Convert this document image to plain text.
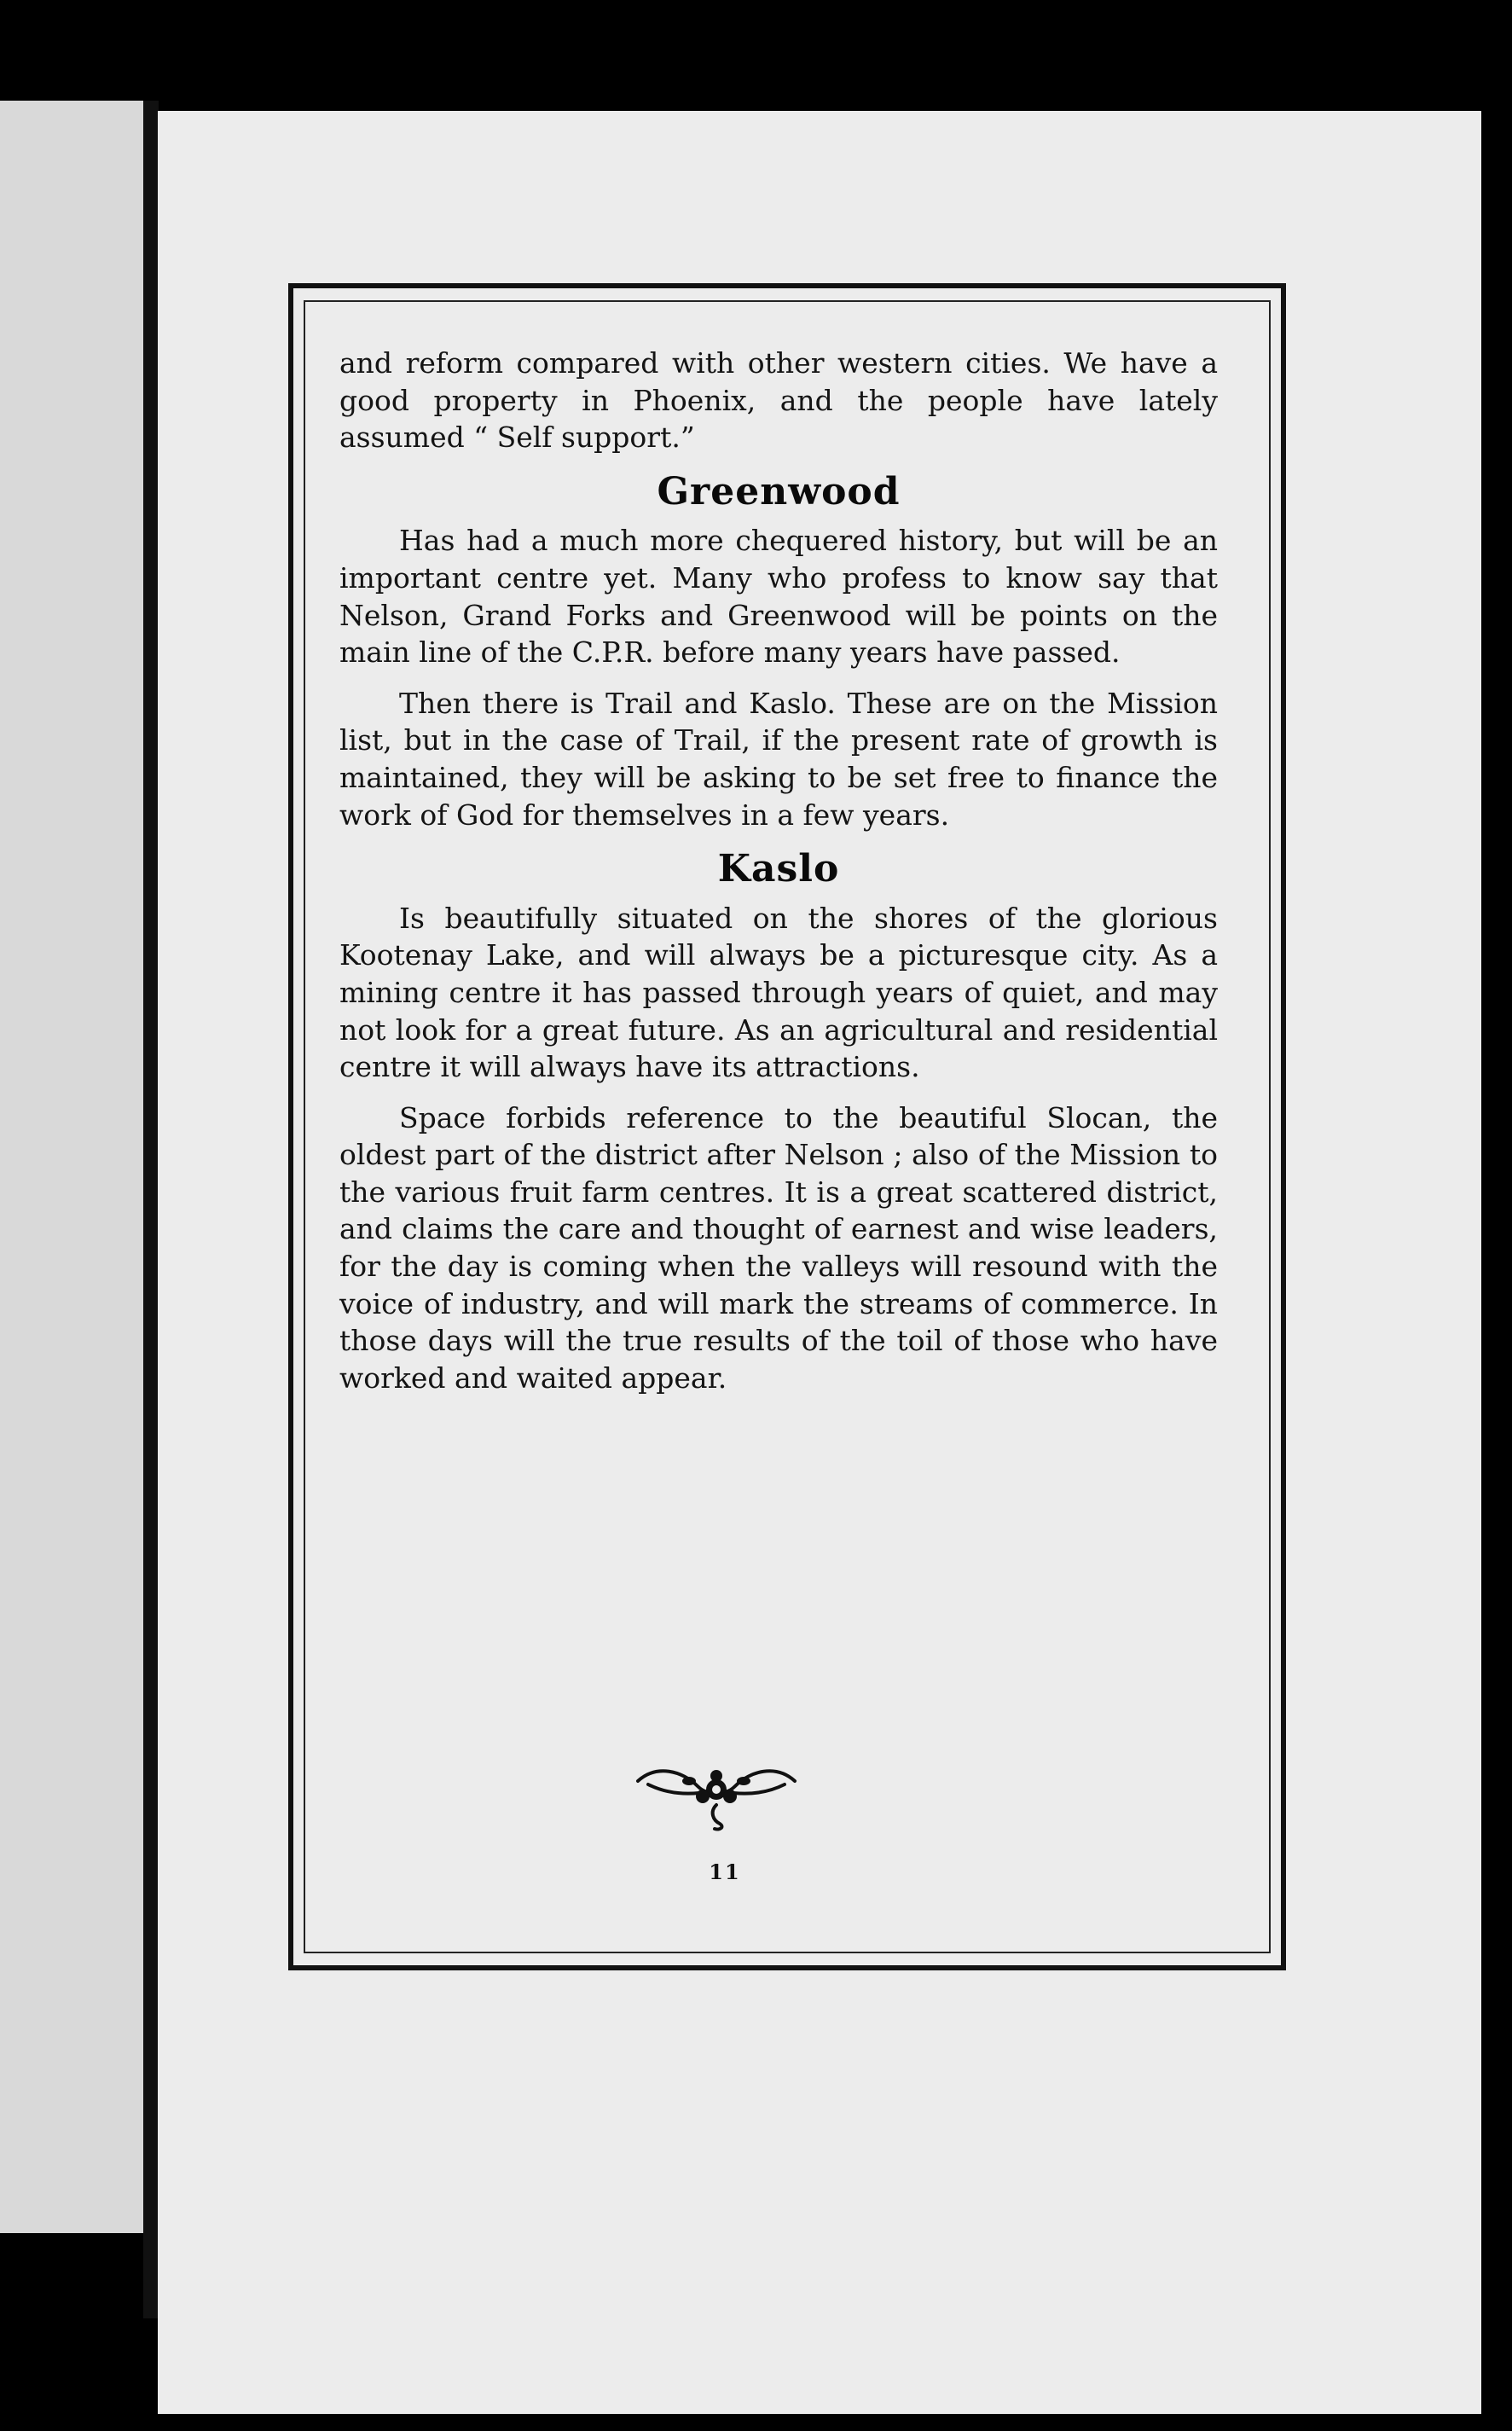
and reform compared with other western cities. We have a good property in Phoenix, and the people have lately assumed “ Self support.”

Greenwood

Has had a much more chequered history, but will be an important centre yet. Many who profess to know say that Nelson, Grand Forks and Greenwood will be points on the main line of the C.P.R. before many years have passed.

Then there is Trail and Kaslo. These are on the Mission list, but in the case of Trail, if the present rate of growth is maintained, they will be asking to be set free to finance the work of God for themselves in a few years.

Kaslo

Is beautifully situated on the shores of the glorious Kootenay Lake, and will always be a picturesque city. As a mining centre it has passed through years of quiet, and may not look for a great future. As an agricultural and residential centre it will always have its attractions.

Space forbids reference to the beautiful Slocan, the oldest part of the district after Nelson ; also of the Mission to the various fruit farm centres. It is a great scattered district, and claims the care and thought of earnest and wise leaders, for the day is coming when the valleys will resound with the voice of industry, and will mark the streams of commerce. In those days will the true results of the toil of those who have worked and waited appear.

11
